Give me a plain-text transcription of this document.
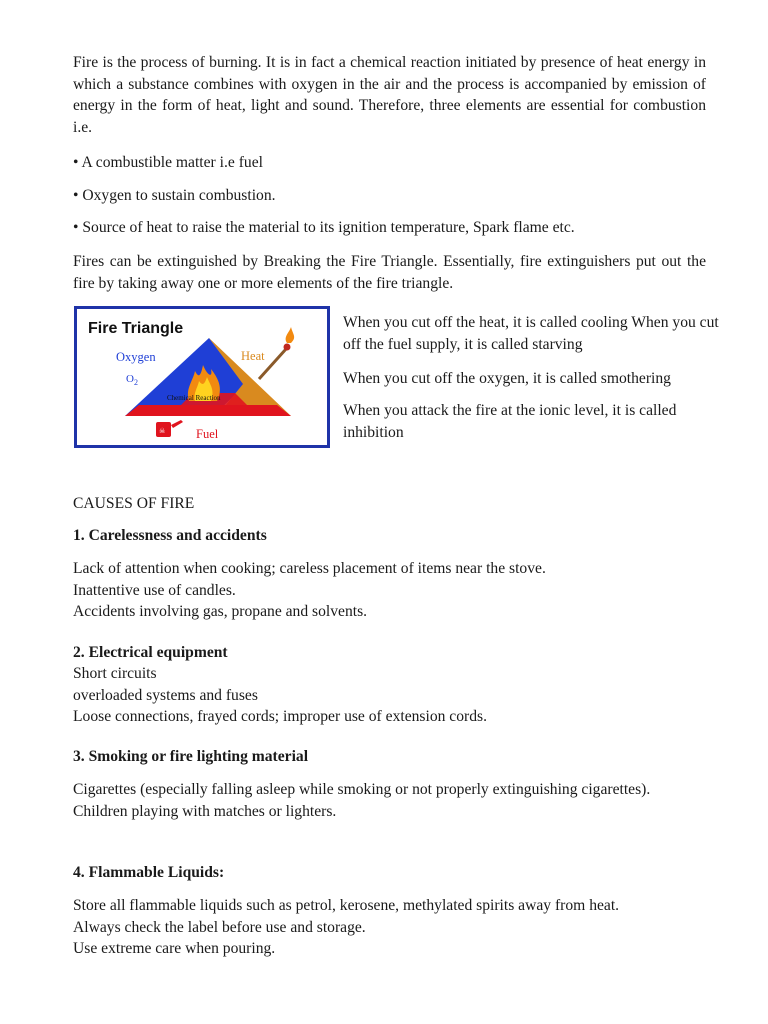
Fire is the process of burning. It is in fact a chemical reaction initiated by presence of heat energy in which a substance combines with oxygen in the air and the process is accompanied by emission of energy in the form of heat, light and sound. Therefore, three elements are essential for combustion i.e.

• A combustible matter i.e fuel

• Oxygen to sustain combustion.

• Source of heat to raise the material to its ignition temperature, Spark flame etc.

Fires can be extinguished by Breaking the Fire Triangle. Essentially, fire extinguishers put out the fire by taking away one or more elements of the fire triangle.

Fire Triangle
Oxygen
$O_2$
Heat
Chemical Reaction
☠ Fuel

When you cut off the heat, it is called cooling When you cut off the fuel supply, it is called starving

When you cut off the oxygen, it is called smothering

When you attack the fire at the ionic level, it is called inhibition

CAUSES OF FIRE

1. Carelessness and accidents

Lack of attention when cooking; careless placement of items near the stove.
Inattentive use of candles.
Accidents involving gas, propane and solvents.

2. Electrical equipment

Short circuits
overloaded systems and fuses
Loose connections, frayed cords; improper use of extension cords.

3. Smoking or fire lighting material

Cigarettes (especially falling asleep while smoking or not properly extinguishing cigarettes).
Children playing with matches or lighters.

4. Flammable Liquids:

Store all flammable liquids such as petrol, kerosene, methylated spirits away from heat.
Always check the label before use and storage.
Use extreme care when pouring.
